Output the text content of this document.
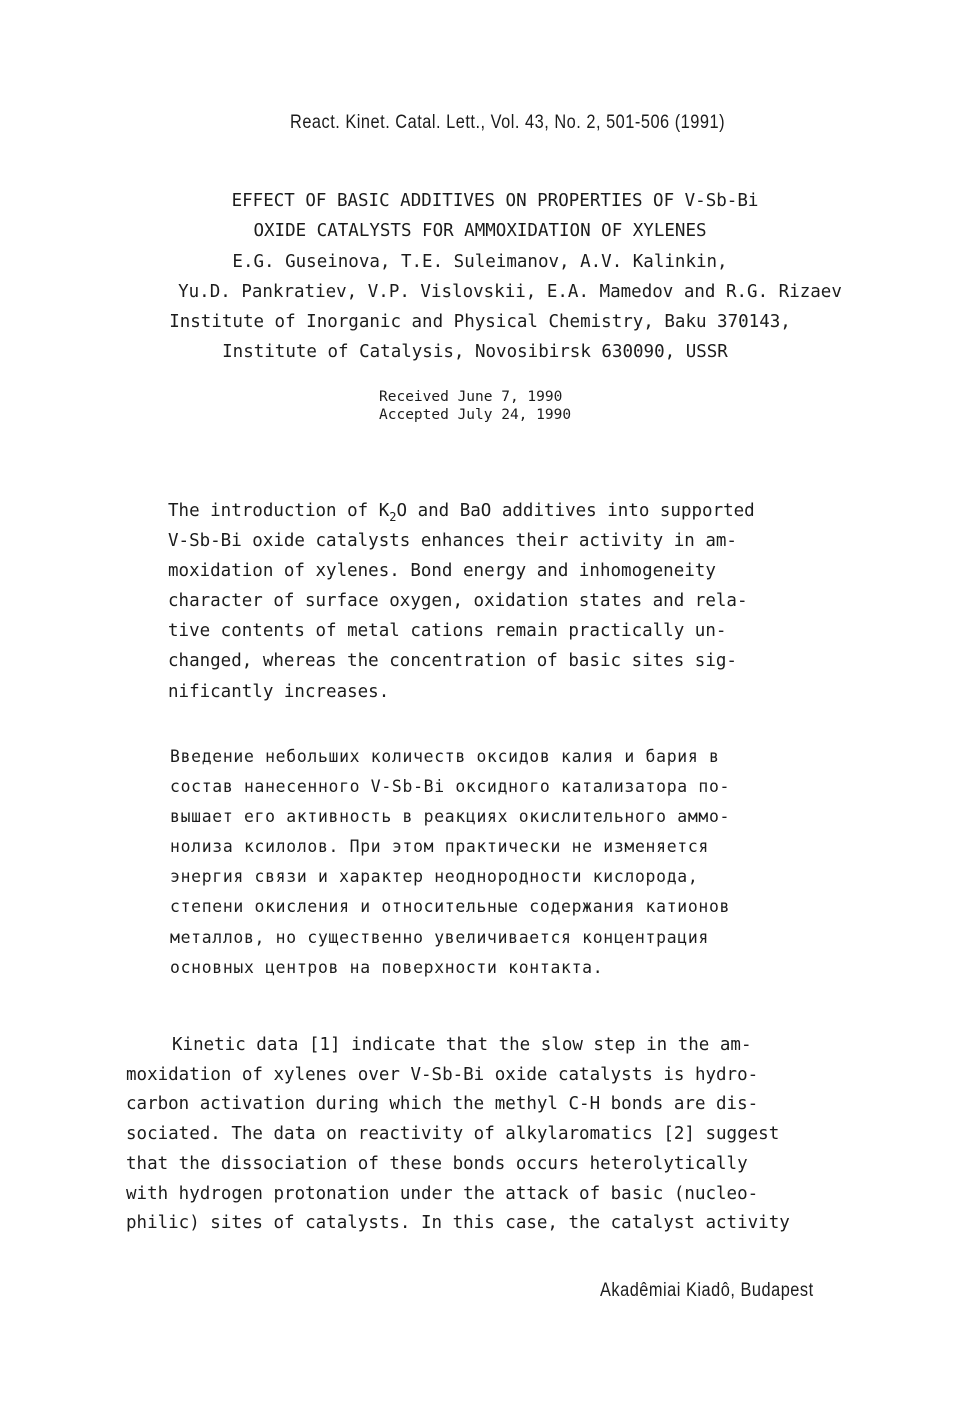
React. Kinet. Catal. Lett., Vol. 43, No. 2, 501-506 (1991)
EFFECT OF BASIC ADDITIVES ON PROPERTIES OF V-Sb-Bi
OXIDE CATALYSTS FOR AMMOXIDATION OF XYLENES
E.G. Guseinova, T.E. Suleimanov, A.V. Kalinkin,
Yu.D. Pankratiev, V.P. Vislovskii, E.A. Mamedov and R.G. Rizaev
Institute of Inorganic and Physical Chemistry, Baku 370143,
Institute of Catalysis, Novosibirsk 630090, USSR
Received June 7, 1990
Accepted July 24, 1990
The introduction of $K_2O$ and BaO additives into supported
V-Sb-Bi oxide catalysts enhances their activity in am-
moxidation of xylenes. Bond energy and inhomogeneity
character of surface oxygen, oxidation states and rela-
tive contents of metal cations remain practically un-
changed, whereas the concentration of basic sites sig-
nificantly increases.
Введение небольших количеств оксидов калия и бария в
состав нанесенного V-Sb-Bi оксидного катализатора по-
вышает его активность в реакциях окислительного аммо-
нолиза ксилолов. При этом практически не изменяется
энергия связи и характер неоднородности кислорода,
степени окисления и относительные содержания катионов
металлов, но существенно увеличивается концентрация
основных центров на поверхности контакта.
Kinetic data [1] indicate that the slow step in the am-
moxidation of xylenes over V-Sb-Bi oxide catalysts is hydro-
carbon activation during which the methyl C-H bonds are dis-
sociated. The data on reactivity of alkylaromatics [2] suggest
that the dissociation of these bonds occurs heterolytically
with hydrogen protonation under the attack of basic (nucleo-
philic) sites of catalysts. In this case, the catalyst activity
Akadêmiai Kiadô, Budapest
